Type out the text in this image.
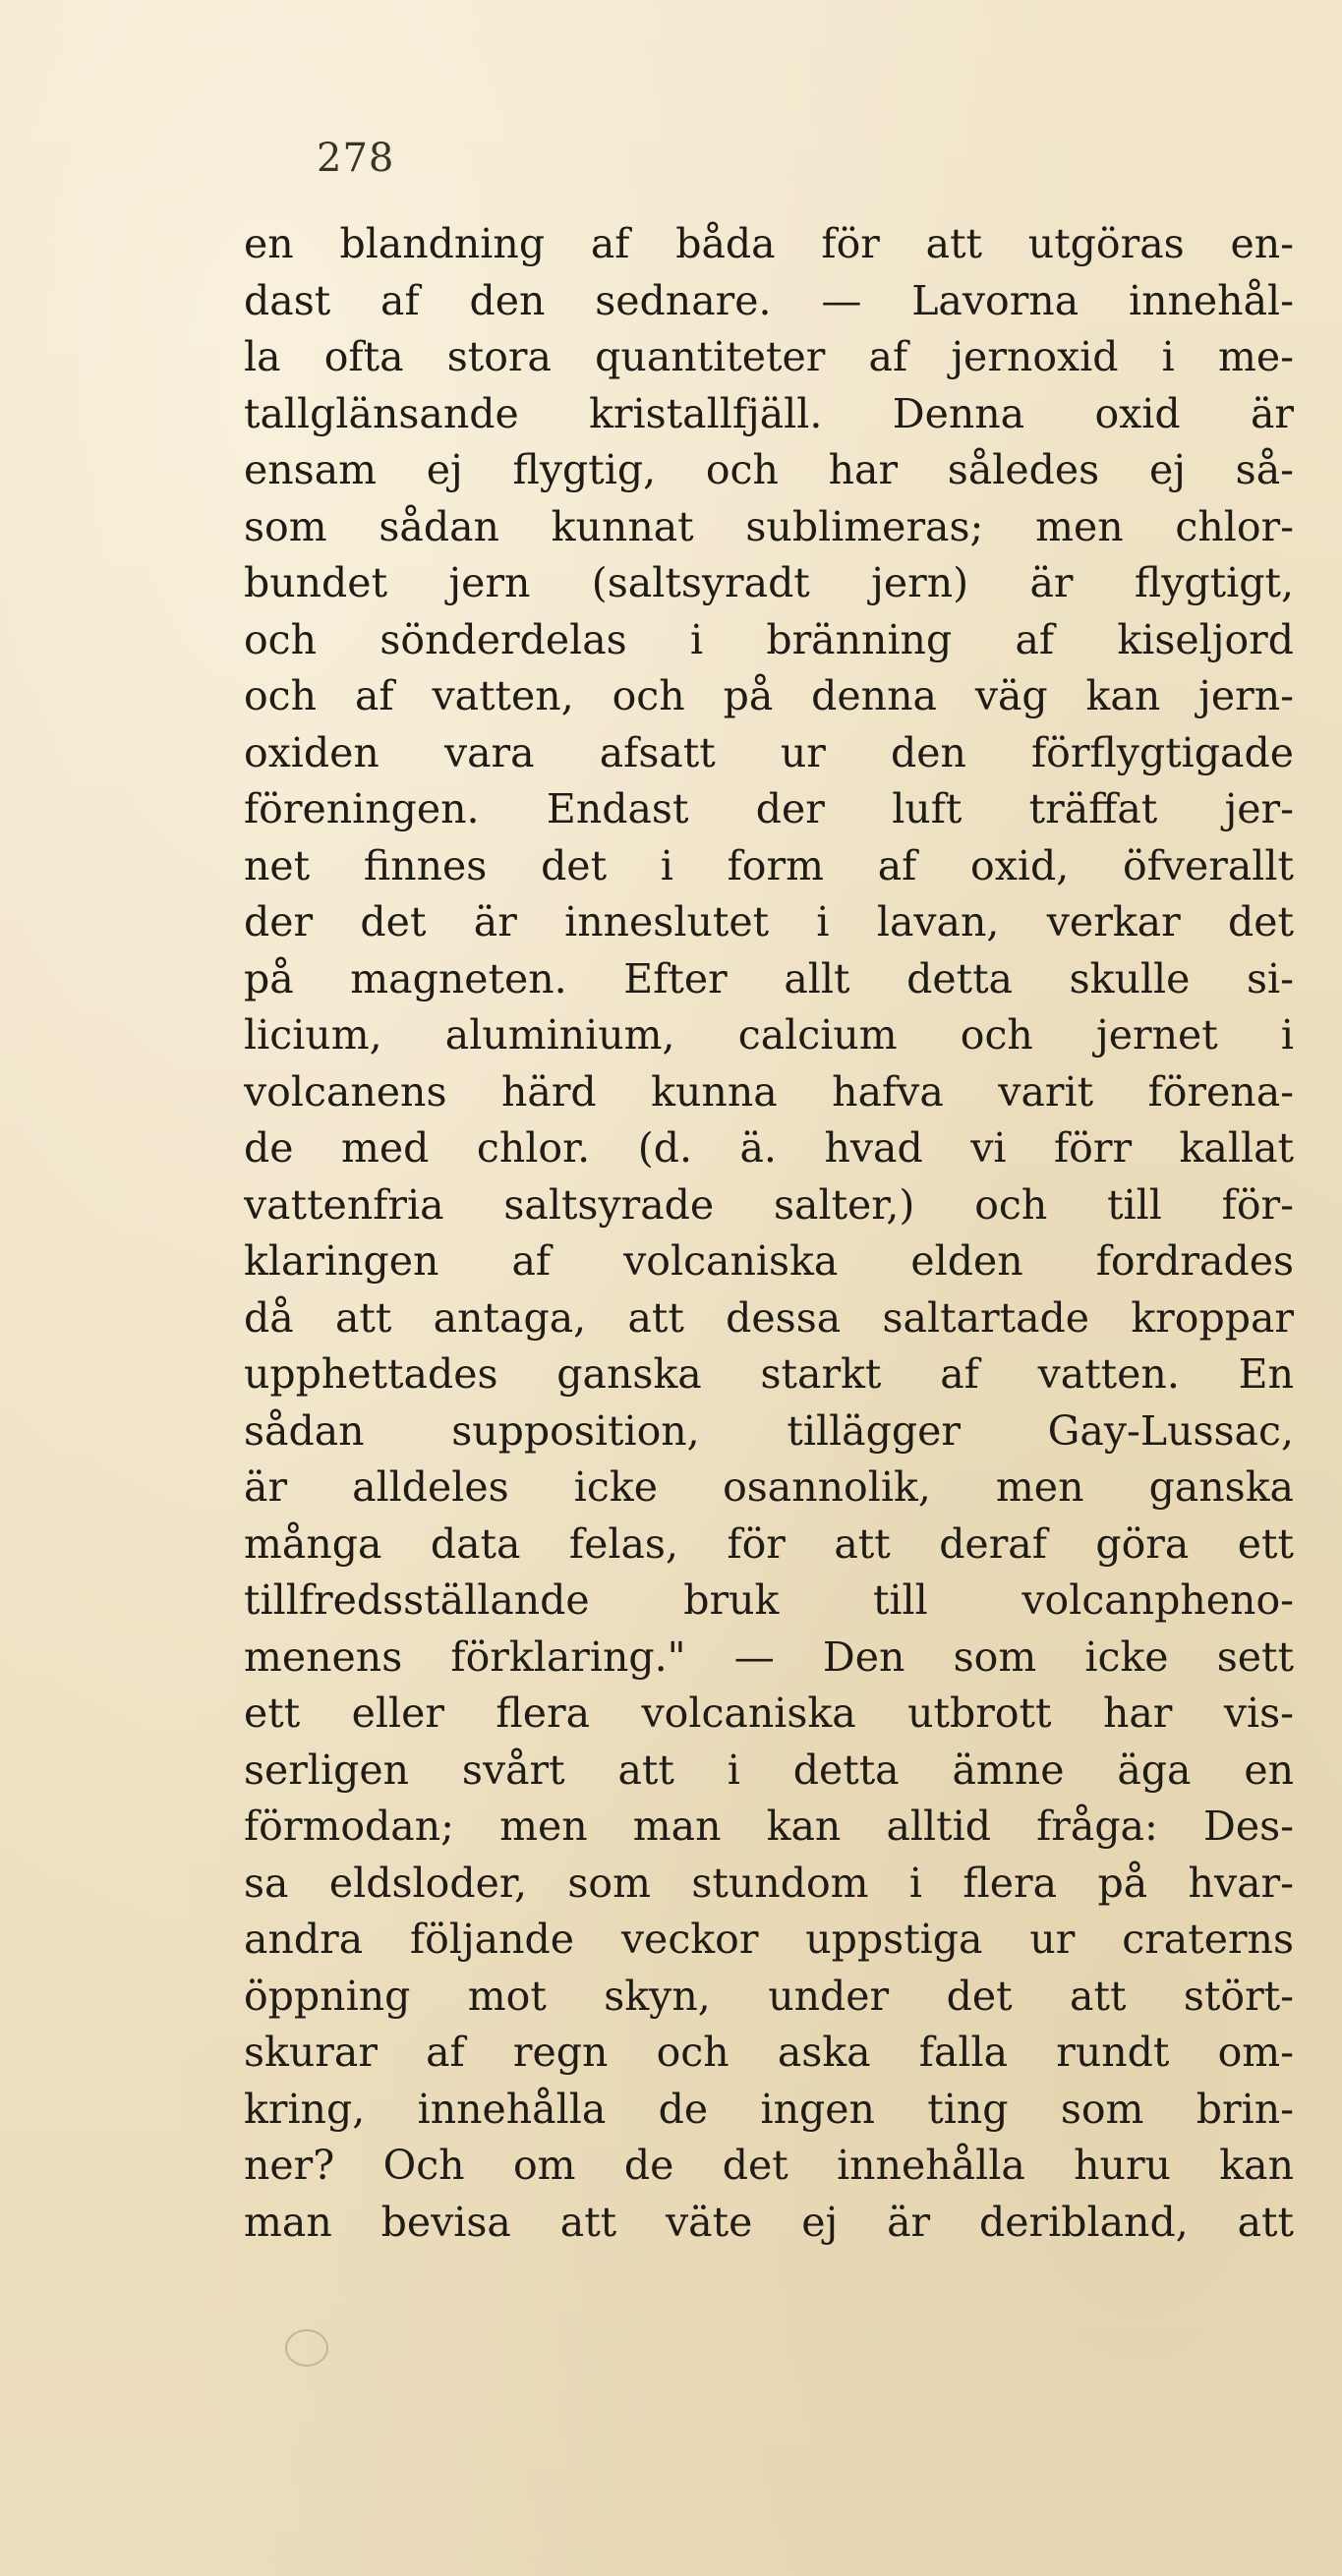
278
en blandning af båda för att utgöras en-
dast af den sednare. — Lavorna innehål-
la ofta stora quantiteter af jernoxid i me-
tallglänsande kristallfjäll. Denna oxid är
ensam ej flygtig, och har således ej så-
som sådan kunnat sublimeras; men chlor-
bundet jern (saltsyradt jern) är flygtigt,
och sönderdelas i bränning af kiseljord
och af vatten, och på denna väg kan jern-
oxiden vara afsatt ur den förflygtigade
föreningen. Endast der luft träffat jer-
net finnes det i form af oxid, öfverallt
der det är inneslutet i lavan, verkar det
på magneten. Efter allt detta skulle si-
licium, aluminium, calcium och jernet i
volcanens härd kunna hafva varit förena-
de med chlor. (d. ä. hvad vi förr kallat
vattenfria saltsyrade salter,) och till för-
klaringen af volcaniska elden fordrades
då att antaga, att dessa saltartade kroppar
upphettades ganska starkt af vatten. En
sådan supposition, tillägger Gay-Lussac,
är alldeles icke osannolik, men ganska
många data felas, för att deraf göra ett
tillfredsställande bruk till volcanpheno-
menens förklaring." — Den som icke sett
ett eller flera volcaniska utbrott har vis-
serligen svårt att i detta ämne äga en
förmodan; men man kan alltid fråga: Des-
sa eldsloder, som stundom i flera på hvar-
andra följande veckor uppstiga ur craterns
öppning mot skyn, under det att stört-
skurar af regn och aska falla rundt om-
kring, innehålla de ingen ting som brin-
ner? Och om de det innehålla huru kan
man bevisa att väte ej är deribland, att
